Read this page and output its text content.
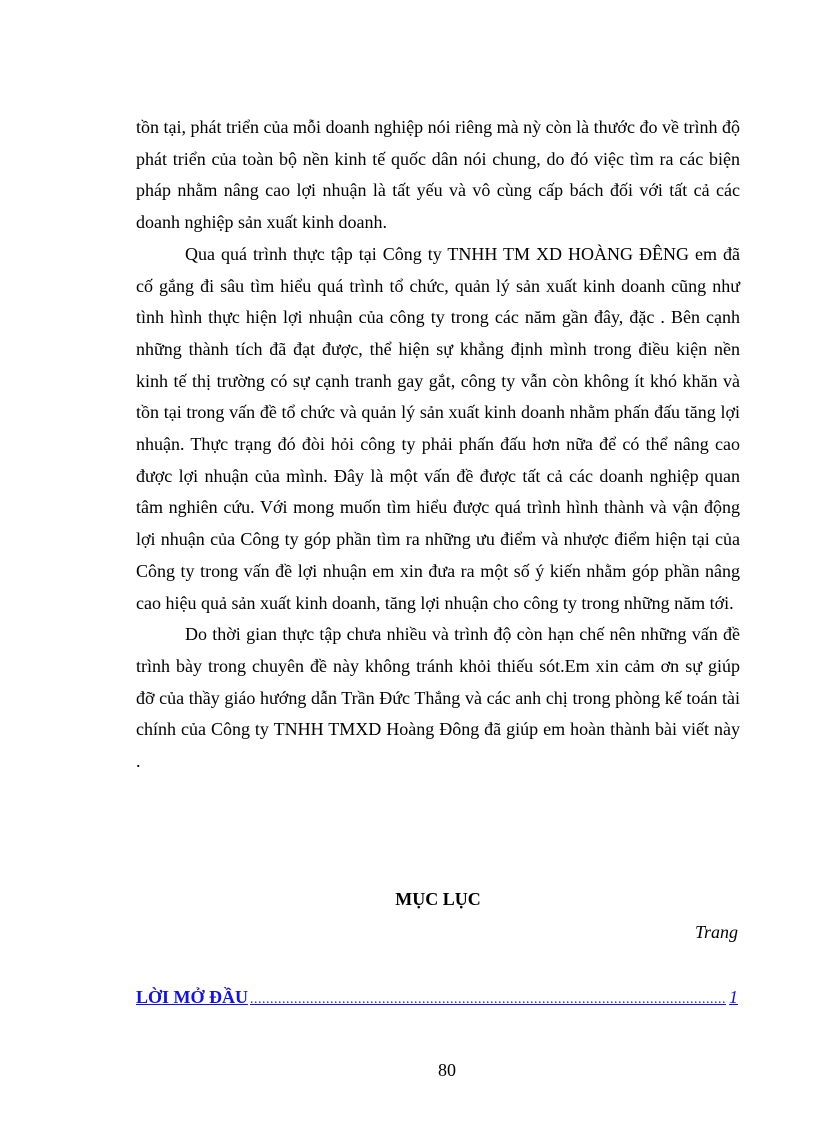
tồn tại, phát triển của mỗi doanh nghiệp nói riêng mà nỳ còn là thước đo về trình độ phát triển của toàn bộ nền kinh tế quốc dân nói chung, do đó việc tìm ra các biện pháp nhằm nâng cao lợi nhuận là tất yếu và vô cùng cấp bách đối với tất cả các doanh nghiệp sản xuất kinh doanh.

Qua quá trình thực tập tại Công ty TNHH TM XD HOÀNG ĐÊNG em đã cố gắng đi sâu tìm hiểu quá trình tổ chức, quản lý sản xuất kinh doanh cũng như tình hình thực hiện lợi nhuận của công ty trong các năm gần đây, đặc . Bên cạnh những thành tích đã đạt được, thể hiện sự khẳng định mình trong điều kiện nền kinh tế thị trường có sự cạnh tranh gay gắt, công ty vẫn còn không ít khó khăn và tồn tại trong vấn đề tổ chức và quản lý sản xuất kinh doanh nhằm phấn đấu tăng lợi nhuận. Thực trạng đó đòi hỏi công ty phải phấn đấu hơn nữa để có thể nâng cao được lợi nhuận của mình. Đây là một vấn đề được tất cả các doanh nghiệp quan tâm nghiên cứu. Với mong muốn tìm hiểu được quá trình hình thành và vận động lợi nhuận của Công ty góp phần tìm ra những ưu điểm và nhược điểm hiện tại của Công ty trong vấn đề lợi nhuận em xin đưa ra một số ý kiến nhằm góp phần nâng cao hiệu quả sản xuất kinh doanh, tăng lợi nhuận cho công ty trong những năm tới.

Do thời gian thực tập chưa nhiều và trình độ còn hạn chế nên những vấn đề trình bày trong chuyên đề này không tránh khỏi thiếu sót.Em xin cảm ơn sự giúp đỡ của thầy giáo hướng dẫn Trần Đức Thắng và các anh chị trong phòng kế toán tài chính của Công ty TNHH TMXD Hoàng Đông đã giúp em hoàn thành bài viết này .

MỤC LỤC
Trang
LỜI MỞ ĐẦU ....................................................................................................................... 1
80
